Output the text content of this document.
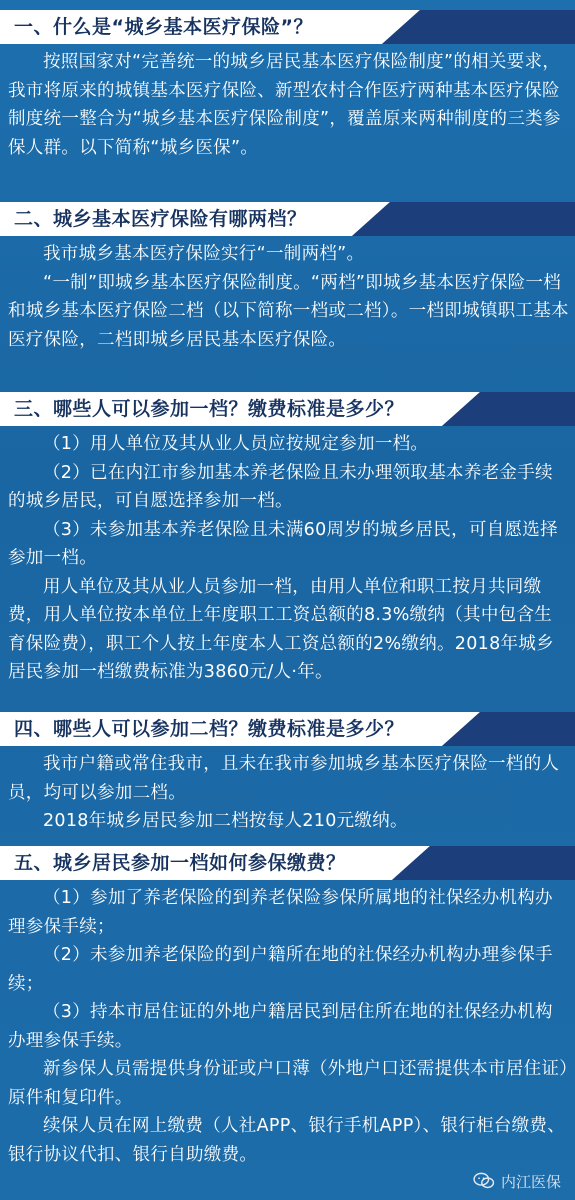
一、什么是“城乡基本医疗保险”？

按照国家对“完善统一的城乡居民基本医疗保险制度”的相关要求，我市将原来的城镇基本医疗保险、新型农村合作医疗两种基本医疗保险制度统一整合为“城乡基本医疗保险制度”，覆盖原来两种制度的三类参保人群。以下简称“城乡医保”。

二、城乡基本医疗保险有哪两档？

我市城乡基本医疗保险实行“一制两档”。

“一制”即城乡基本医疗保险制度。“两档”即城乡基本医疗保险一档和城乡基本医疗保险二档（以下简称一档或二档）。一档即城镇职工基本医疗保险，二档即城乡居民基本医疗保险。

三、哪些人可以参加一档？缴费标准是多少？

（1）用人单位及其从业人员应按规定参加一档。

（2）已在内江市参加基本养老保险且未办理领取基本养老金手续的城乡居民，可自愿选择参加一档。

（3）未参加基本养老保险且未满60周岁的城乡居民，可自愿选择参加一档。

用人单位及其从业人员参加一档，由用人单位和职工按月共同缴费，用人单位按本单位上年度职工工资总额的8.3%缴纳（其中包含生育保险费），职工个人按上年度本人工资总额的2%缴纳。2018年城乡居民参加一档缴费标准为3860元/人·年。

四、哪些人可以参加二档？缴费标准是多少？

我市户籍或常住我市，且未在我市参加城乡基本医疗保险一档的人员，均可以参加二档。

2018年城乡居民参加二档按每人210元缴纳。

五、城乡居民参加一档如何参保缴费？

（1）参加了养老保险的到养老保险参保所属地的社保经办机构办理参保手续；

（2）未参加养老保险的到户籍所在地的社保经办机构办理参保手续；

（3）持本市居住证的外地户籍居民到居住所在地的社保经办机构办理参保手续。

新参保人员需提供身份证或户口薄（外地户口还需提供本市居住证）原件和复印件。

续保人员在网上缴费（人社APP、银行手机APP）、银行柜台缴费、银行协议代扣、银行自助缴费。

内江医保
